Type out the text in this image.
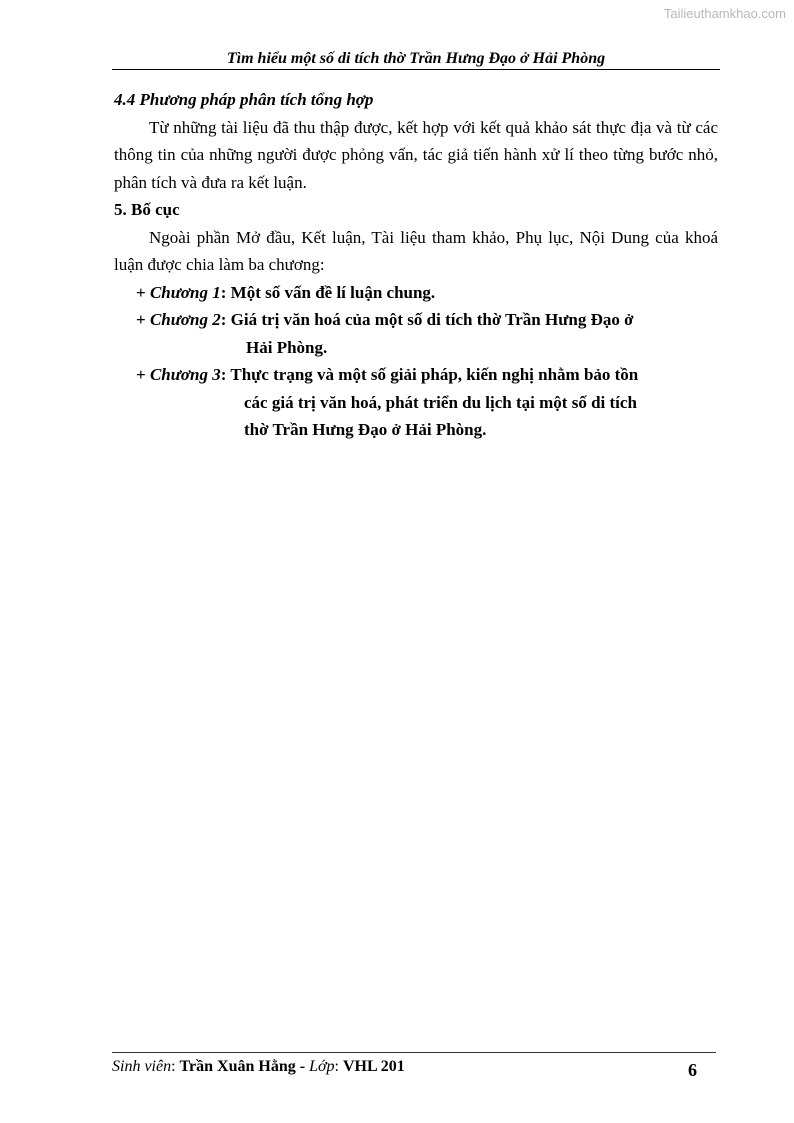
Tailieuthamkhao.com
Tìm hiểu một số di tích thờ Trần Hưng Đạo ở Hải Phòng
4.4 Phương pháp phân tích tổng hợp

Từ những tài liệu đã thu thập được, kết hợp với kết quả khảo sát thực địa và từ các thông tin của những người được phỏng vấn, tác giả tiến hành xử lí theo từng bước nhỏ, phân tích và đưa ra kết luận.

5. Bố cục

Ngoài phần Mở đầu, Kết luận, Tài liệu tham khảo, Phụ lục, Nội Dung của khoá luận được chia làm ba chương:

+ Chương 1: Một số vấn đề lí luận chung.
+ Chương 2: Giá trị văn hoá của một số di tích thờ Trần Hưng Đạo ở
Hải Phòng.
+ Chương 3: Thực trạng và một số giải pháp, kiến nghị nhằm bảo tồn
các giá trị văn hoá, phát triển du lịch tại một số di tích
thờ Trần Hưng Đạo ở Hải Phòng.
Sinh viên: Trần Xuân Hằng - Lớp: VHL 201	6
